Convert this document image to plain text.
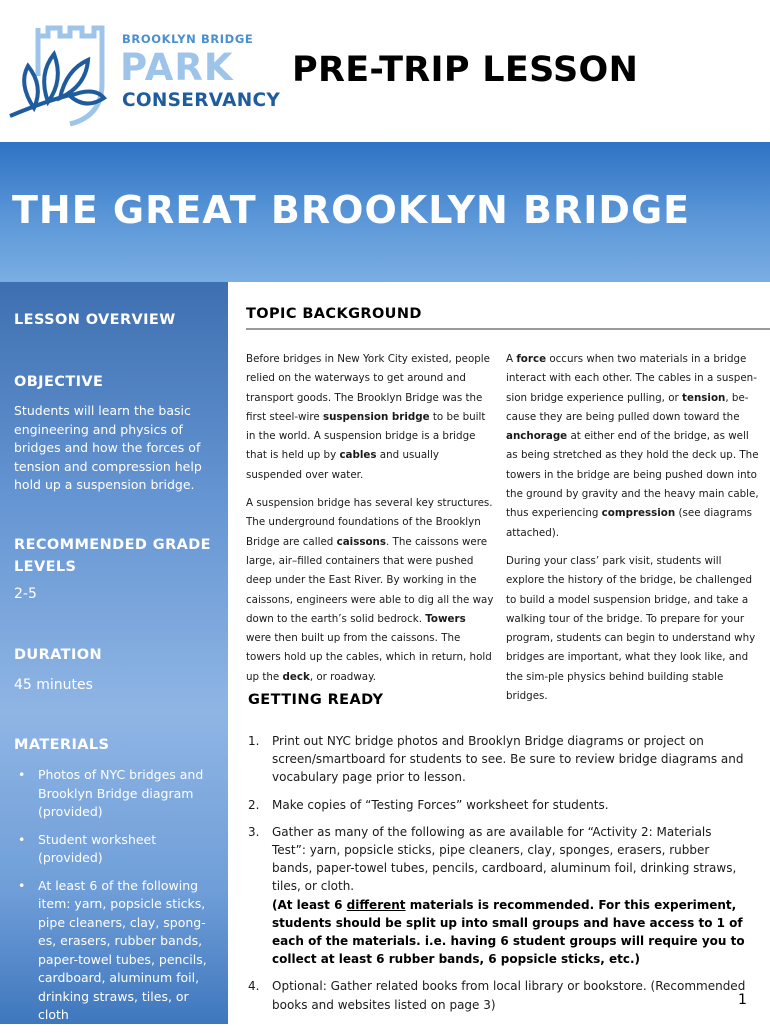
BROOKLYN BRIDGE
PARK
CONSERVANCY
PRE-TRIP LESSON
THE GREAT BROOKLYN BRIDGE
LESSON OVERVIEW
OBJECTIVE
Students will learn the basic engineering and physics of bridges and how the forces of tension and compression help hold up a suspension bridge.
RECOMMENDED GRADE LEVELS
2-5
DURATION
45 minutes
MATERIALS
• Photos of NYC bridges and Brooklyn Bridge diagram (provided)
• Student worksheet (provided)
• At least 6 of the following item: yarn, popsicle sticks, pipe cleaners, clay, spong-es, erasers, rubber bands, paper-towel tubes, pencils, cardboard, aluminum foil, drinking straws, tiles, or cloth
TOPIC BACKGROUND

Before bridges in New York City existed, people relied on the waterways to get around and transport goods. The Brooklyn Bridge was the first steel-wire suspension bridge to be built in the world. A suspension bridge is a bridge that is held up by cables and usually suspended over water.

A suspension bridge has several key structures. The underground foundations of the Brooklyn Bridge are called caissons. The caissons were large, air–filled containers that were pushed deep under the East River. By working in the caissons, engineers were able to dig all the way down to the earth’s solid bedrock. Towers were then built up from the caissons. The towers hold up the cables, which in return, hold up the deck, or roadway.

A force occurs when two materials in a bridge interact with each other. The cables in a suspen-sion bridge experience pulling, or tension, be-cause they are being pulled down toward the anchorage at either end of the bridge, as well as being stretched as they hold the deck up. The towers in the bridge are being pushed down into the ground by gravity and the heavy main cable, thus experiencing compression (see diagrams attached).

During your class’ park visit, students will explore the history of the bridge, be challenged to build a model suspension bridge, and take a walking tour of the bridge. To prepare for your program, students can begin to understand why bridges are important, what they look like, and the sim-ple physics behind building stable bridges.

GETTING READY
1. Print out NYC bridge photos and Brooklyn Bridge diagrams or project on screen/smartboard for students to see. Be sure to review bridge diagrams and vocabulary page prior to lesson.
2. Make copies of “Testing Forces” worksheet for students.
3. Gather as many of the following as are available for “Activity 2: Materials Test”: yarn, popsicle sticks, pipe cleaners, clay, sponges, erasers, rubber bands, paper-towel tubes, pencils, cardboard, aluminum foil, drinking straws, tiles, or cloth.
(At least 6 different materials is recommended. For this experiment, students should be split up into small groups and have access to 1 of each of the materials. i.e. having 6 student groups will require you to collect at least 6 rubber bands, 6 popsicle sticks, etc.)
4. Optional: Gather related books from local library or bookstore. (Recommended books and websites listed on page 3)	1
